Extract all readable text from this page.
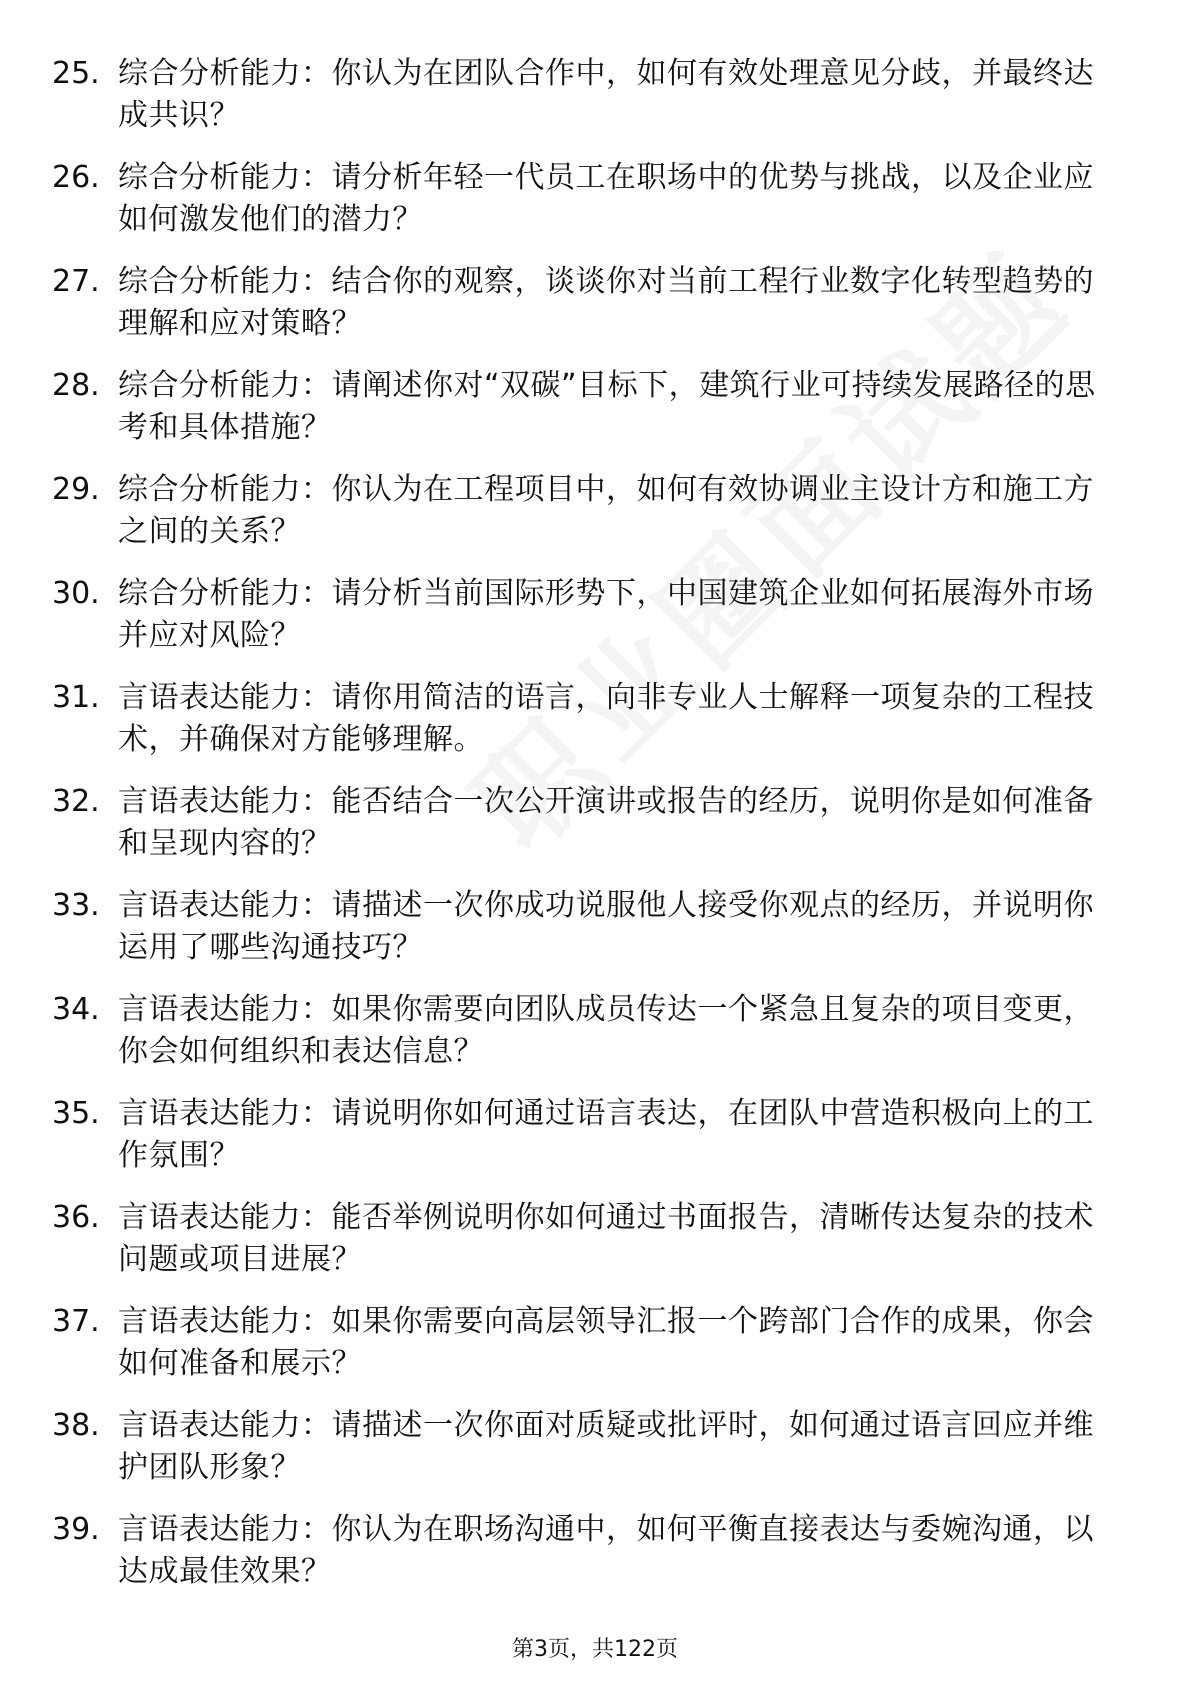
25. 综合分析能力：你认为在团队合作中，如何有效处理意见分歧，并最终达成共识？
26. 综合分析能力：请分析年轻一代员工在职场中的优势与挑战，以及企业应如何激发他们的潜力？
27. 综合分析能力：结合你的观察，谈谈你对当前工程行业数字化转型趋势的理解和应对策略？
28. 综合分析能力：请阐述你对“双碳”目标下，建筑行业可持续发展路径的思考和具体措施？
29. 综合分析能力：你认为在工程项目中，如何有效协调业主设计方和施工方之间的关系？
30. 综合分析能力：请分析当前国际形势下，中国建筑企业如何拓展海外市场并应对风险？
31. 言语表达能力：请你用简洁的语言，向非专业人士解释一项复杂的工程技术，并确保对方能够理解。
32. 言语表达能力：能否结合一次公开演讲或报告的经历，说明你是如何准备和呈现内容的？
33. 言语表达能力：请描述一次你成功说服他人接受你观点的经历，并说明你运用了哪些沟通技巧？
34. 言语表达能力：如果你需要向团队成员传达一个紧急且复杂的项目变更，你会如何组织和表达信息？
35. 言语表达能力：请说明你如何通过语言表达，在团队中营造积极向上的工作氛围？
36. 言语表达能力：能否举例说明你如何通过书面报告，清晰传达复杂的技术问题或项目进展？
37. 言语表达能力：如果你需要向高层领导汇报一个跨部门合作的成果，你会如何准备和展示？
38. 言语表达能力：请描述一次你面对质疑或批评时，如何通过语言回应并维护团队形象？
39. 言语表达能力：你认为在职场沟通中，如何平衡直接表达与委婉沟通，以达成最佳效果？
第3页，共122页
